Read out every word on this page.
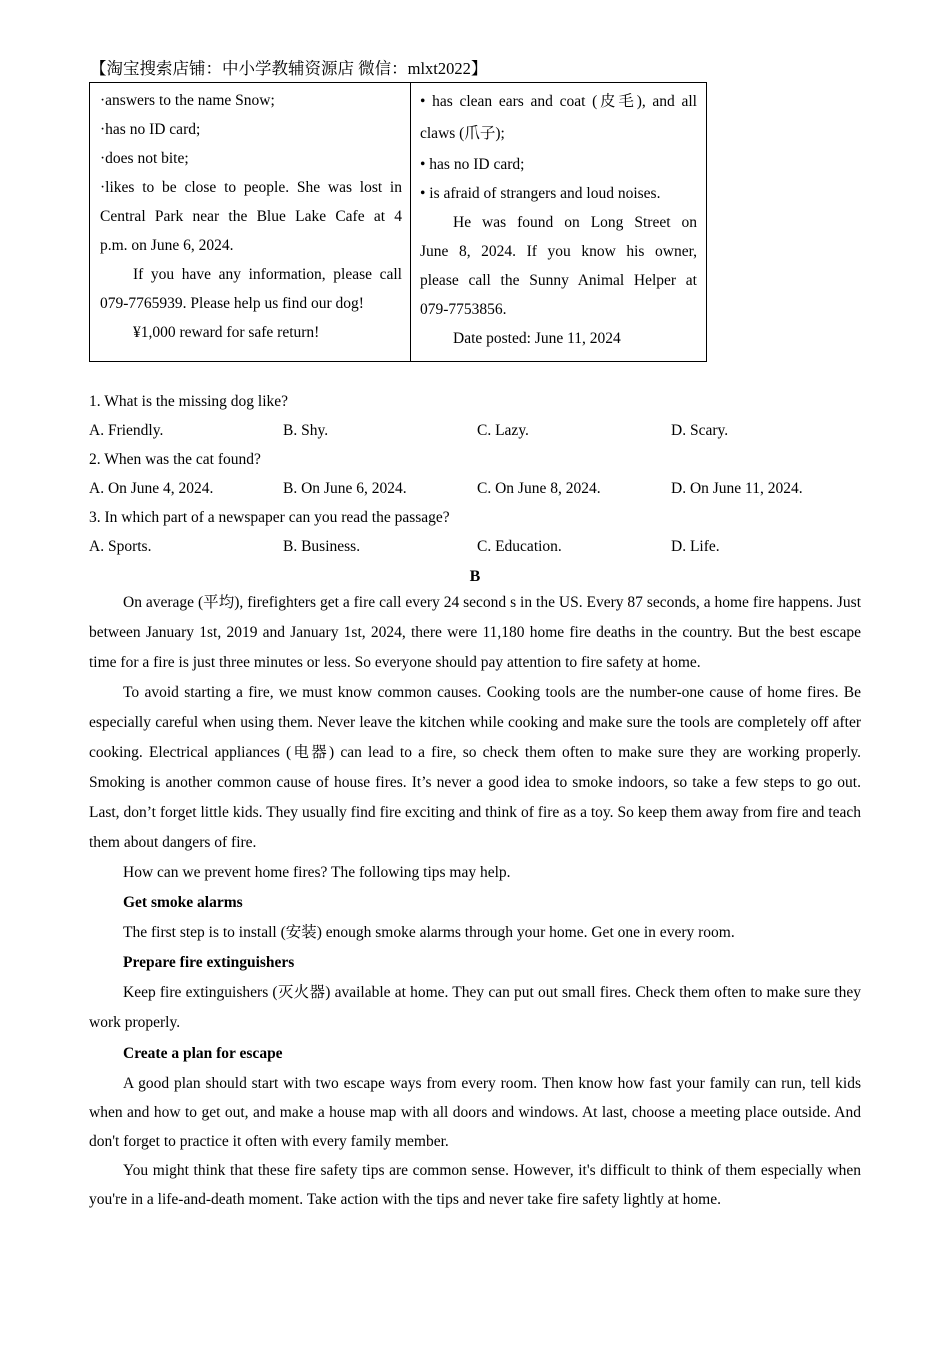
【淘宝搜索店铺：中小学教辅资源店 微信：mlxt2022】
·answers to the name Snow;
·has no ID card;
·does not bite;
·likes to be close to people. She was lost in
Central Park near the Blue Lake Cafe at 4
p.m. on June 6, 2024.
If you have any information, please call
079-7765939. Please help us find our dog!
¥1,000 reward for safe return!
• has clean ears and coat (皮毛), and all
claws (爪子);
• has no ID card;
• is afraid of strangers and loud noises.
He was found on Long Street on
June 8, 2024. If you know his owner,
please call the Sunny Animal Helper at
079-7753856.
Date posted: June 11, 2024
1. What is the missing dog like?
A. Friendly.	B. Shy.	C. Lazy.	D. Scary.
2. When was the cat found?
A. On June 4, 2024.	B. On June 6, 2024.	C. On June 8, 2024.	D. On June 11, 2024.
3. In which part of a newspaper can you read the passage?
A. Sports.	B. Business.	C. Education.	D. Life.
B

On average (平均), firefighters get a fire call every 24 second s in the US. Every 87 seconds, a home fire happens. Just between January 1st, 2019 and January 1st, 2024, there were 11,180 home fire deaths in the country. But the best escape time for a fire is just three minutes or less. So everyone should pay attention to fire safety at home.

To avoid starting a fire, we must know common causes. Cooking tools are the number-one cause of home fires. Be especially careful when using them. Never leave the kitchen while cooking and make sure the tools are completely off after cooking. Electrical appliances (电器) can lead to a fire, so check them often to make sure they are working properly. Smoking is another common cause of house fires. It’s never a good idea to smoke indoors, so take a few steps to go out. Last, don’t forget little kids. They usually find fire exciting and think of fire as a toy. So keep them away from fire and teach them about dangers of fire.

How can we prevent home fires? The following tips may help.

Get smoke alarms

The first step is to install (安装) enough smoke alarms through your home. Get one in every room.

Prepare fire extinguishers

Keep fire extinguishers (灭火器) available at home. They can put out small fires. Check them often to make sure they work properly.

Create a plan for escape

A good plan should start with two escape ways from every room. Then know how fast your family can run, tell kids when and how to get out, and make a house map with all doors and windows. At last, choose a meeting place outside. And don't forget to practice it often with every family member.

You might think that these fire safety tips are common sense. However, it's difficult to think of them especially when you're in a life-and-death moment. Take action with the tips and never take fire safety lightly at home.
